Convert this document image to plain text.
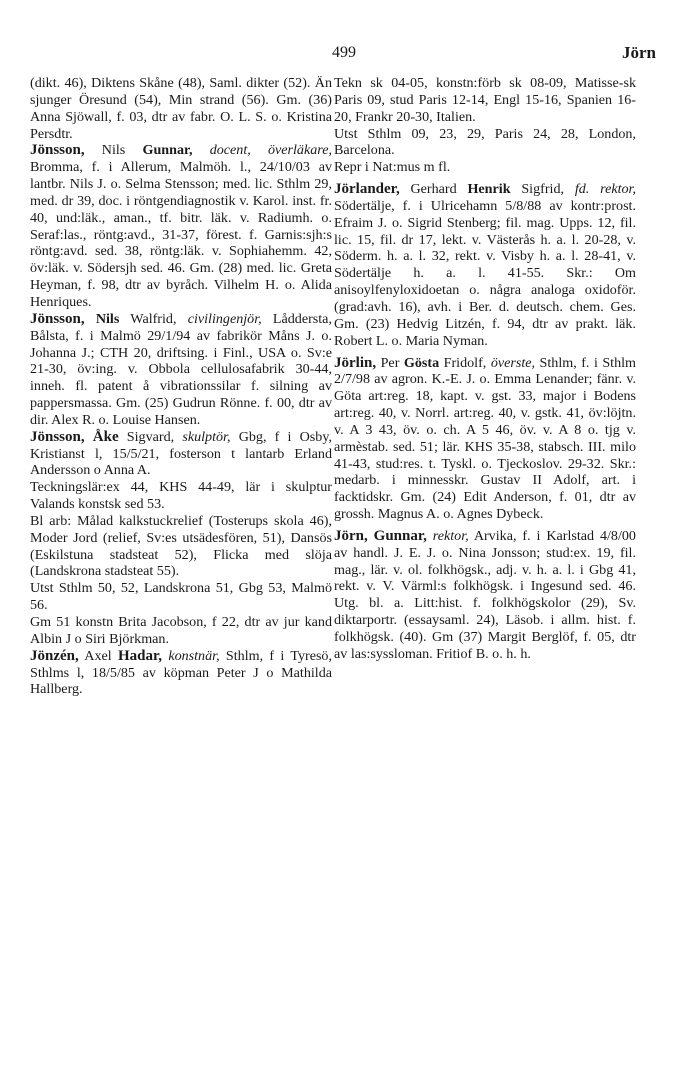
499	Jörn

(dikt. 46), Diktens Skåne (48), Saml. dikter (52). Än sjunger Öresund (54), Min strand (56). Gm. (36) Anna Sjöwall, f. 03, dtr av fabr. O. L. S. o. Kristina Persdtr.

Jönsson, Nils Gunnar, docent, överläkare, Bromma, f. i Allerum, Malmöh. l., 24/10/03 av lantbr. Nils J. o. Selma Stensson; med. lic. Sthlm 29, med. dr 39, doc. i röntgendiagnostik v. Karol. inst. fr. 40, und:läk., aman., tf. bitr. läk. v. Radiumh. o. Seraf:las., röntg:avd., 31-37, förest. f. Garnis:sjh:s röntg:avd. sed. 38, röntg:läk. v. Sophiahemm. 42, öv:läk. v. Södersjh sed. 46. Gm. (28) med. lic. Greta Heyman, f. 98, dtr av byråch. Vilhelm H. o. Alida Henriques.

Jönsson, Nils Walfrid, civilingenjör, Låddersta, Bålsta, f. i Malmö 29/1/94 av fabrikör Måns J. o. Johanna J.; CTH 20, driftsing. i Finl., USA o. Sv:e 21-30, öv:ing. v. Obbola cellulosafabrik 30-44, inneh. fl. patent å vibrationssilar f. silning av pappersmassa. Gm. (25) Gudrun Rönne. f. 00, dtr av dir. Alex R. o. Louise Hansen.

Jönsson, Åke Sigvard, skulptör, Gbg, f i Osby, Kristianst l, 15/5/21, fosterson t lantarb Erland Andersson o Anna A.

Teckningslär:ex 44, KHS 44-49, lär i skulptur Valands konstsk sed 53.

Bl arb: Målad kalkstuckrelief (Tosterups skola 46), Moder Jord (relief, Sv:es utsädesfören, 51), Dansös (Eskilstuna stadsteat 52), Flicka med slöja (Landskrona stadsteat 55).

Utst Sthlm 50, 52, Landskrona 51, Gbg 53, Malmö 56.

Gm 51 konstn Brita Jacobson, f 22, dtr av jur kand Albin J o Siri Björkman.

Jönzén, Axel Hadar, konstnär, Sthlm, f i Tyresö, Sthlms l, 18/5/85 av köpman Peter J o Mathilda Hallberg.

Tekn sk 04-05, konstn:förb sk 08-09, Matisse-sk Paris 09, stud Paris 12-14, Engl 15-16, Spanien 16-20, Frankr 20-30, Italien.

Utst Sthlm 09, 23, 29, Paris 24, 28, London, Barcelona.

Repr i Nat:mus m fl.

Jörlander, Gerhard Henrik Sigfrid, fd. rektor, Södertälje, f. i Ulricehamn 5/8/88 av kontr:prost. Efraim J. o. Sigrid Stenberg; fil. mag. Upps. 12, fil. lic. 15, fil. dr 17, lekt. v. Västerås h. a. l. 20-28, v. Söderm. h. a. l. 32, rekt. v. Visby h. a. l. 28-41, v. Södertälje h. a. l. 41-55. Skr.: Om anisoylfenyloxidoetan o. några analoga oxidoför. (grad:avh. 16), avh. i Ber. d. deutsch. chem. Ges. Gm. (23) Hedvig Litzén, f. 94, dtr av prakt. läk. Robert L. o. Maria Nyman.

Jörlin, Per Gösta Fridolf, överste, Sthlm, f. i Sthlm 2/7/98 av agron. K.-E. J. o. Emma Lenander; fänr. v. Göta art:reg. 18, kapt. v. gst. 33, major i Bodens art:reg. 40, v. Norrl. art:reg. 40, v. gstk. 41, öv:löjtn. v. A 3 43, öv. o. ch. A 5 46, öv. v. A 8 o. tjg v. armèstab. sed. 51; lär. KHS 35-38, stabsch. III. milo 41-43, stud:res. t. Tyskl. o. Tjeckoslov. 29-32. Skr.: medarb. i minnesskr. Gustav II Adolf, art. i facktidskr. Gm. (24) Edit Anderson, f. 01, dtr av grossh. Magnus A. o. Agnes Dybeck.

Jörn, Gunnar, rektor, Arvika, f. i Karlstad 4/8/00 av handl. J. E. J. o. Nina Jonsson; stud:ex. 19, fil. mag., lär. v. ol. folkhögsk., adj. v. h. a. l. i Gbg 41, rekt. v. V. Värml:s folkhögsk. i Ingesund sed. 46. Utg. bl. a. Litt:hist. f. folkhögskolor (29), Sv. diktarportr. (essaysaml. 24), Läsob. i allm. hist. f. folkhögsk. (40). Gm (37) Margit Berglöf, f. 05, dtr av las:syssloman. Fritiof B. o. h. h.
